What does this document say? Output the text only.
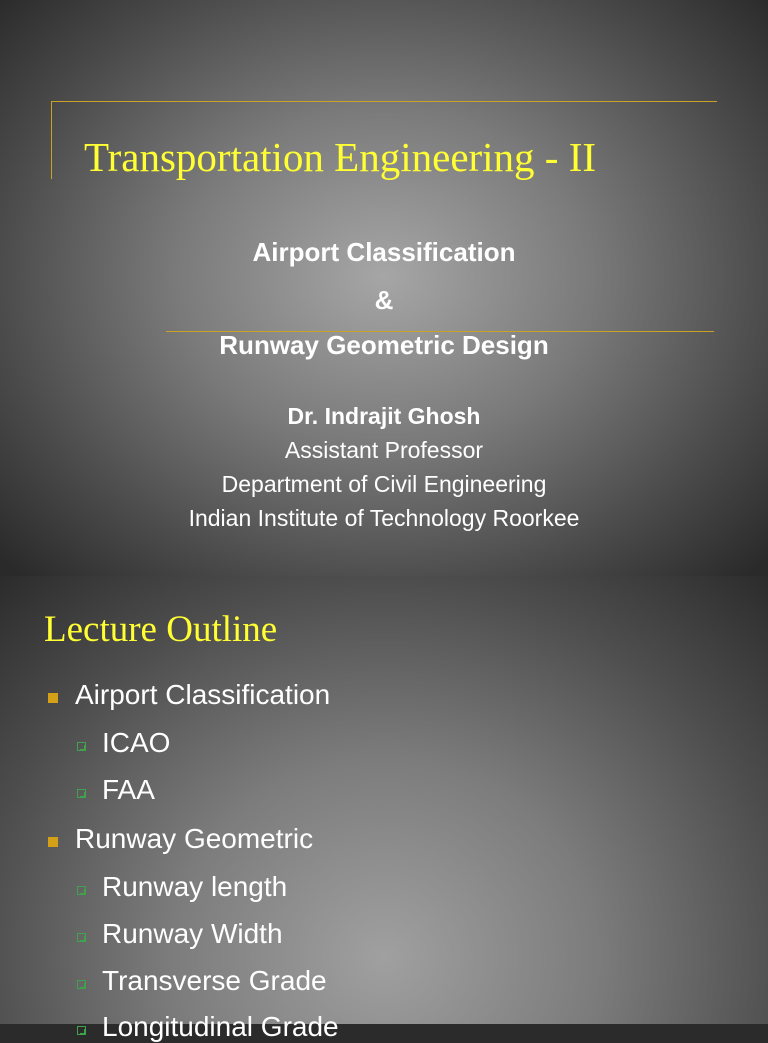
Transportation Engineering - II
Airport Classification
&
Runway Geometric Design
Dr. Indrajit Ghosh
Assistant Professor
Department of Civil Engineering
Indian Institute of Technology Roorkee
Lecture Outline
Airport Classification
ICAO
FAA
Runway Geometric
Runway length
Runway Width
Transverse Grade
Longitudinal Grade
